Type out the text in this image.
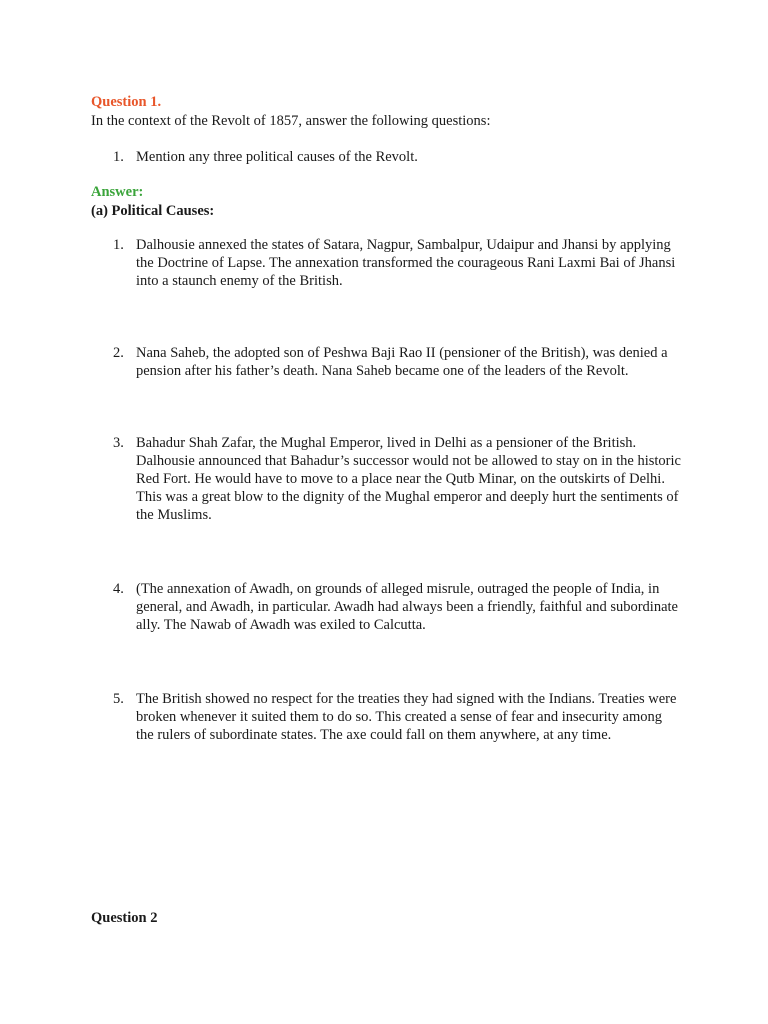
Question 1.
In the context of the Revolt of 1857, answer the following questions:
1. Mention any three political causes of the Revolt.
Answer:
(a) Political Causes:
1. Dalhousie annexed the states of Satara, Nagpur, Sambalpur, Udaipur and Jhansi by applying the Doctrine of Lapse. The annexation transformed the courageous Rani Laxmi Bai of Jhansi into a staunch enemy of the British.
2. Nana Saheb, the adopted son of Peshwa Baji Rao II (pensioner of the British), was denied a pension after his father’s death. Nana Saheb became one of the leaders of the Revolt.
3. Bahadur Shah Zafar, the Mughal Emperor, lived in Delhi as a pensioner of the British. Dalhousie announced that Bahadur’s successor would not be allowed to stay on in the historic Red Fort. He would have to move to a place near the Qutb Minar, on the outskirts of Delhi. This was a great blow to the dignity of the Mughal emperor and deeply hurt the sentiments of the Muslims.
4. (The annexation of Awadh, on grounds of alleged misrule, outraged the people of India, in general, and Awadh, in particular. Awadh had always been a friendly, faithful and subordinate ally. The Nawab of Awadh was exiled to Calcutta.
5. The British showed no respect for the treaties they had signed with the Indians. Treaties were broken whenever it suited them to do so. This created a sense of fear and insecurity among the rulers of subordinate states. The axe could fall on them anywhere, at any time.
Question 2
